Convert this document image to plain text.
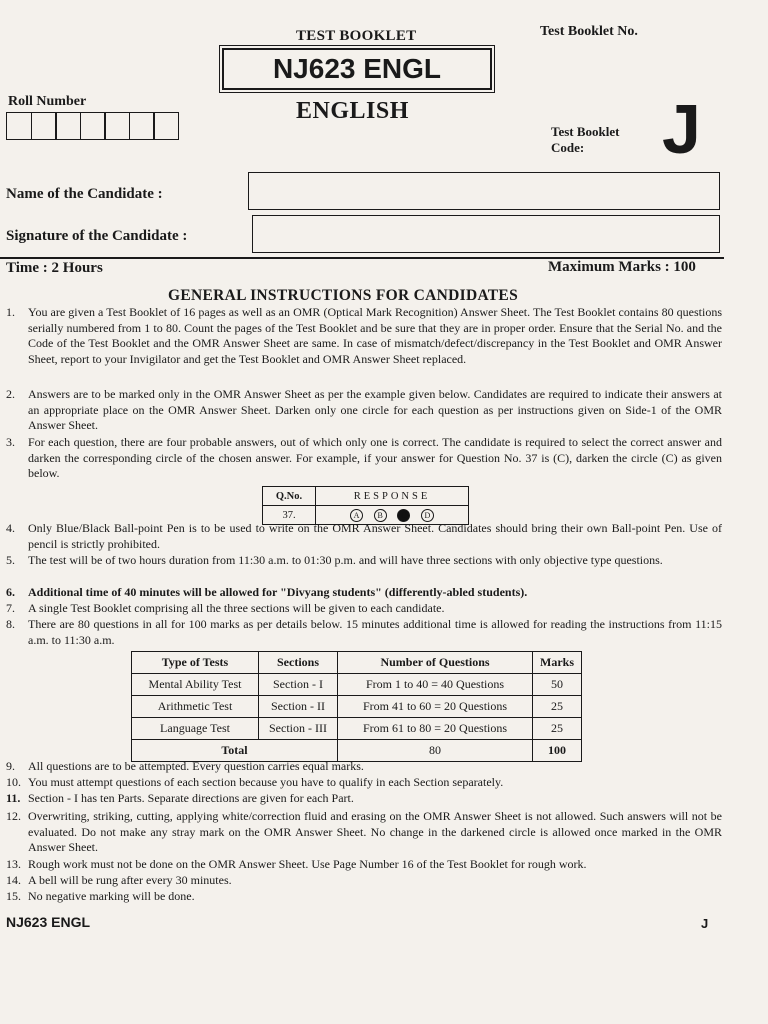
TEST BOOKLET	Test Booklet No.
NJ623 ENGL
ENGLISH
Roll Number
Test Booklet
Code:	J
Name of the Candidate :
Signature of the Candidate :
Time : 2 Hours	Maximum Marks : 100
GENERAL INSTRUCTIONS FOR CANDIDATES
1. You are given a Test Booklet of 16 pages as well as an OMR (Optical Mark Recognition) Answer Sheet. The Test Booklet contains 80 questions serially numbered from 1 to 80. Count the pages of the Test Booklet and be sure that they are in proper order. Ensure that the Serial No. and the Code of the Test Booklet and the OMR Answer Sheet are same. In case of mismatch/defect/discrepancy in the Test Booklet and OMR Answer Sheet, report to your Invigilator and get the Test Booklet and OMR Answer Sheet replaced.
2. Answers are to be marked only in the OMR Answer Sheet as per the example given below. Candidates are required to indicate their answers at an appropriate place on the OMR Answer Sheet. Darken only one circle for each question as per instructions given on Side-1 of the OMR Answer Sheet.
3. For each question, there are four probable answers, out of which only one is correct. The candidate is required to select the correct answer and darken the corresponding circle of the chosen answer. For example, if your answer for Question No. 37 is (C), darken the circle (C) as given below.
4. Only Blue/Black Ball-point Pen is to be used to write on the OMR Answer Sheet. Candidates should bring their own Ball-point Pen. Use of pencil is strictly prohibited.
5. The test will be of two hours duration from 11:30 a.m. to 01:30 p.m. and will have three sections with only objective type questions.
6. Additional time of 40 minutes will be allowed for "Divyang students" (differently-abled students).
7. A single Test Booklet comprising all the three sections will be given to each candidate.
8. There are 80 questions in all for 100 marks as per details below. 15 minutes additional time is allowed for reading the instructions from 11:15 a.m. to 11:30 a.m.
9. All questions are to be attempted. Every question carries equal marks.
10. You must attempt questions of each section because you have to qualify in each Section separately.
11. Section - I has ten Parts. Separate directions are given for each Part.
12. Overwriting, striking, cutting, applying white/correction fluid and erasing on the OMR Answer Sheet is not allowed. Such answers will not be evaluated. Do not make any stray mark on the OMR Answer Sheet. No change in the darkened circle is allowed once marked in the OMR Answer Sheet.
13. Rough work must not be done on the OMR Answer Sheet. Use Page Number 16 of the Test Booklet for rough work.
14. A bell will be rung after every 30 minutes.
15. No negative marking will be done.
Q.No.	RESPONSE
37.	A B C D
Type of Tests	Sections	Number of Questions	Marks
Mental Ability Test	Section - I	From 1 to 40 = 40 Questions	50
Arithmetic Test	Section - II	From 41 to 60 = 20 Questions	25
Language Test	Section - III	From 61 to 80 = 20 Questions	25
Total		80	100
NJ623 ENGL	J
